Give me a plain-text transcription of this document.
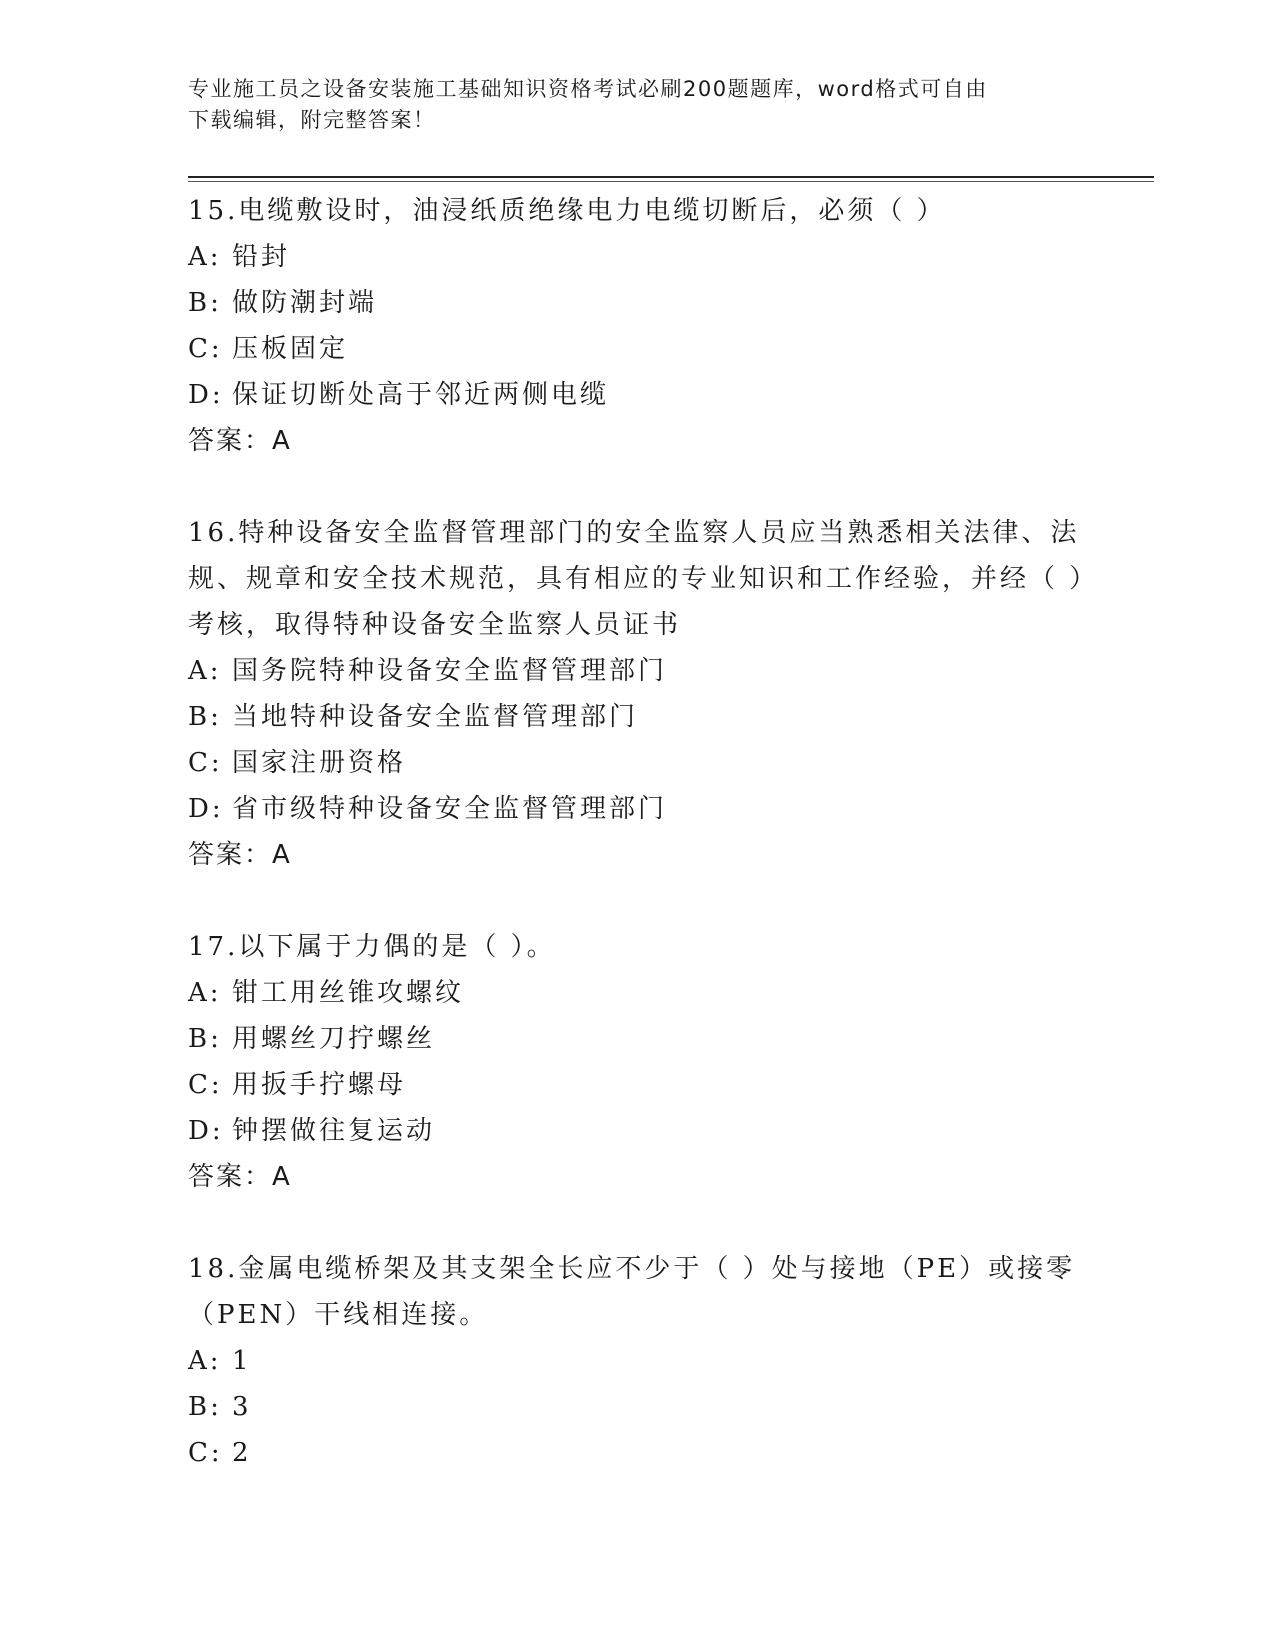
专业施工员之设备安装施工基础知识资格考试必刷200题题库，word格式可自由
下载编辑，附完整答案！

15.电缆敷设时，油浸纸质绝缘电力电缆切断后，必须（ ）

A: 铅封

B: 做防潮封端

C: 压板固定

D: 保证切断处高于邻近两侧电缆

答案：A

16.特种设备安全监督管理部门的安全监察人员应当熟悉相关法律、法规、规章和安全技术规范，具有相应的专业知识和工作经验，并经（ ）考核，取得特种设备安全监察人员证书

A: 国务院特种设备安全监督管理部门

B: 当地特种设备安全监督管理部门

C: 国家注册资格

D: 省市级特种设备安全监督管理部门

答案：A

17.以下属于力偶的是（ ）。

A: 钳工用丝锥攻螺纹

B: 用螺丝刀拧螺丝

C: 用扳手拧螺母

D: 钟摆做往复运动

答案：A

18.金属电缆桥架及其支架全长应不少于（ ）处与接地（PE）或接零（PEN）干线相连接。

A: 1

B: 3

C: 2
